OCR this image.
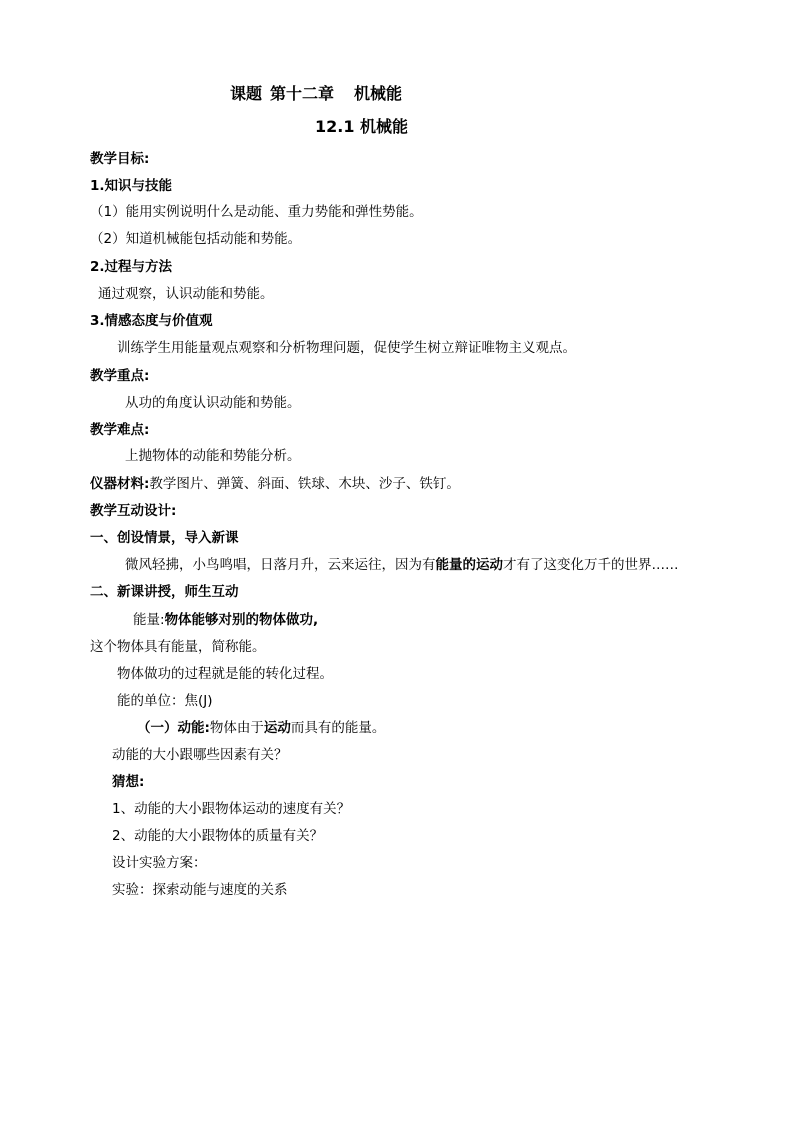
课题 第十二章 机械能
12.1 机械能
教学目标:
1.知识与技能
（1）能用实例说明什么是动能、重力势能和弹性势能。
（2）知道机械能包括动能和势能。
2.过程与方法
通过观察，认识动能和势能。
3.情感态度与价值观
训练学生用能量观点观察和分析物理问题，促使学生树立辩证唯物主义观点。
教学重点:
从功的角度认识动能和势能。
教学难点:
上抛物体的动能和势能分析。
仪器材料:教学图片、弹簧、斜面、铁球、木块、沙子、铁钉。
教学互动设计:
一、创设情景，导入新课
微风轻拂，小鸟鸣唱，日落月升，云来运往，因为有能量的运动才有了这变化万千的世界……
二、新课讲授，师生互动
能量:物体能够对别的物体做功,
这个物体具有能量，简称能。
物体做功的过程就是能的转化过程。
能的单位：焦(J)
（一）动能:物体由于运动而具有的能量。
动能的大小跟哪些因素有关？
猜想:
1、动能的大小跟物体运动的速度有关？
2、动能的大小跟物体的质量有关？
设计实验方案：
实验：探索动能与速度的关系
